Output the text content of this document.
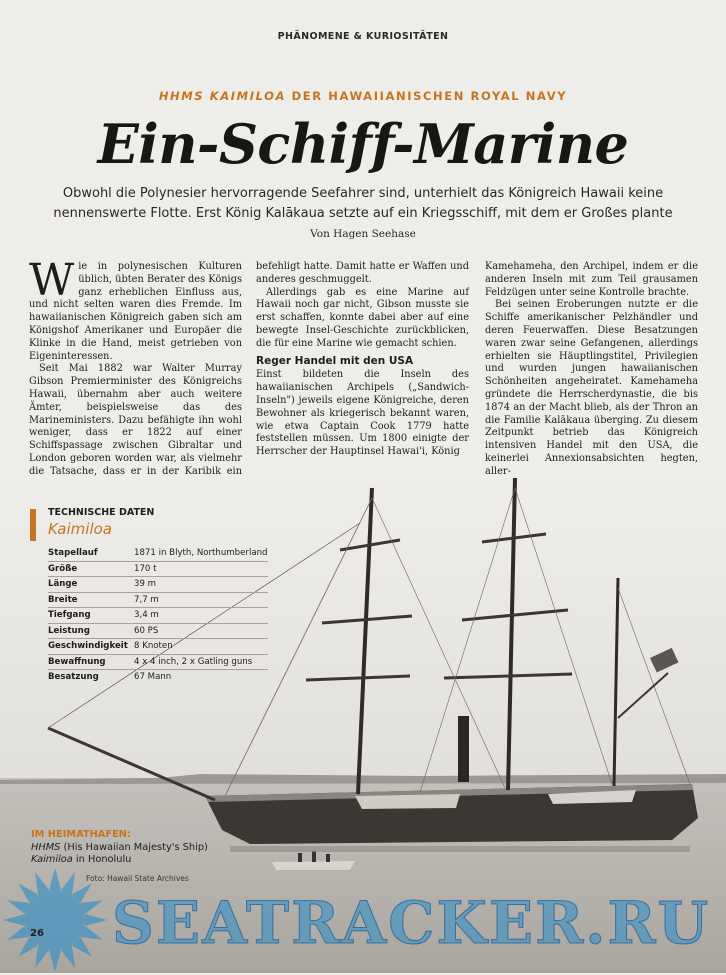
PHÄNOMENE & KURIOSITÄTEN
HHMS KAIMILOA DER HAWAIIANISCHEN ROYAL NAVY
Ein-Schiff-Marine
Obwohl die Polynesier hervorragende Seefahrer sind, unterhielt das Königreich Hawaii keine nennenswerte Flotte. Erst König Kalākaua setzte auf ein Kriegsschiff, mit dem er Großes plante
Von Hagen Seehase

Wie in polynesischen Kulturen üblich, übten Berater des Königs ganz erheblichen Einfluss aus, und nicht selten waren dies Fremde. Im hawaiianischen Königreich gaben sich am Königshof Amerikaner und Europäer die Klinke in die Hand, meist getrieben von Eigeninteressen.

Seit Mai 1882 war Walter Murray Gibson Premierminister des Königreichs Hawaii, übernahm aber auch weitere Ämter, beispielsweise das des Marineministers. Dazu befähigte ihn wohl weniger, dass er 1822 auf einer Schiffspassage zwischen Gibraltar und London geboren worden war, als vielmehr die Tatsache, dass er in der Karibik ein

befehligt hatte. Damit hatte er Waffen und anderes geschmuggelt.

Allerdings gab es eine Marine auf Hawaii noch gar nicht, Gibson musste sie erst schaffen, konnte dabei aber auf eine bewegte Insel-Geschichte zurückblicken, die für eine Marine wie gemacht schien.

Reger Handel mit den USA

Einst bildeten die Inseln des hawaiianischen Archipels („Sandwich-Inseln") jeweils eigene Königreiche, deren Bewohner als kriegerisch bekannt waren, wie etwa Captain Cook 1779 hatte feststellen müssen. Um 1800 einigte der Herrscher der Hauptinsel Hawai'i, König

Kamehameha, den Archipel, indem er die anderen Inseln mit zum Teil grausamen Feldzügen unter seine Kontrolle brachte.

Bei seinen Eroberungen nutzte er die Schiffe amerikanischer Pelzhändler und deren Feuerwaffen. Diese Besatzungen waren zwar seine Gefangenen, allerdings erhielten sie Häuptlingstitel, Privilegien und wurden jungen hawaiianischen Schönheiten angeheiratet. Kamehameha gründete die Herrscherdynastie, die bis 1874 an der Macht blieb, als der Thron an die Familie Kalākaua überging. Zu diesem Zeitpunkt betrieb das Königreich intensiven Handel mit den USA, die keinerlei Annexionsabsichten hegten, aller-

TECHNISCHE DATEN
Kaimiloa
Stapellauf	1871 in Blyth, Northumberland
Größe	170 t
Länge	39 m
Breite	7,7 m
Tiefgang	3,4 m
Leistung	60 PS
Geschwindigkeit	8 Knoten
Bewaffnung	4 x 4 inch, 2 x Gatling guns
Besatzung	67 Mann
IM HEIMATHAFEN:
HHMS (His Hawaiian Majesty's Ship) Kaimiloa in Honolulu
Foto: Hawaii State Archives
26 SEATRACKER.RU
